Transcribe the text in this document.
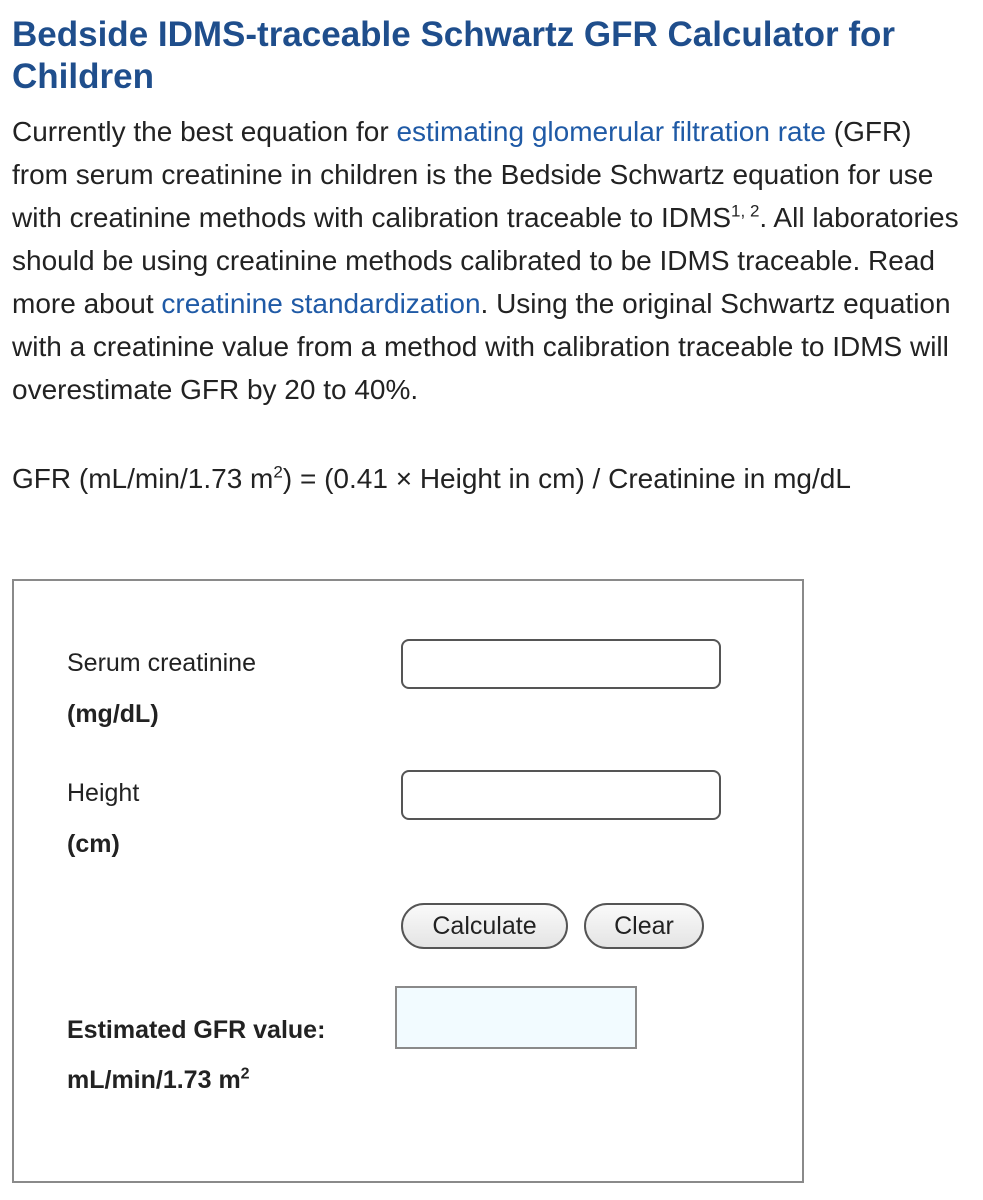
Bedside IDMS-traceable Schwartz GFR Calculator for Children

Currently the best equation for estimating glomerular filtration rate (GFR) from serum creatinine in children is the Bedside Schwartz equation for use with creatinine methods with calibration traceable to IDMS$^{1, 2}$. All laboratories should be using creatinine methods calibrated to be IDMS traceable. Read more about creatinine standardization. Using the original Schwartz equation with a creatinine value from a method with calibration traceable to IDMS will overestimate GFR by 20 to 40%.

GFR (mL/min/1.73 $m^2) = (0.41$ × Height in cm) / Creatinine in mg/dL

Serum creatinine
(mg/dL)
Height
(cm)
Calculate	Clear
Estimated GFR value:
mL/min/1.73 $m^2$
